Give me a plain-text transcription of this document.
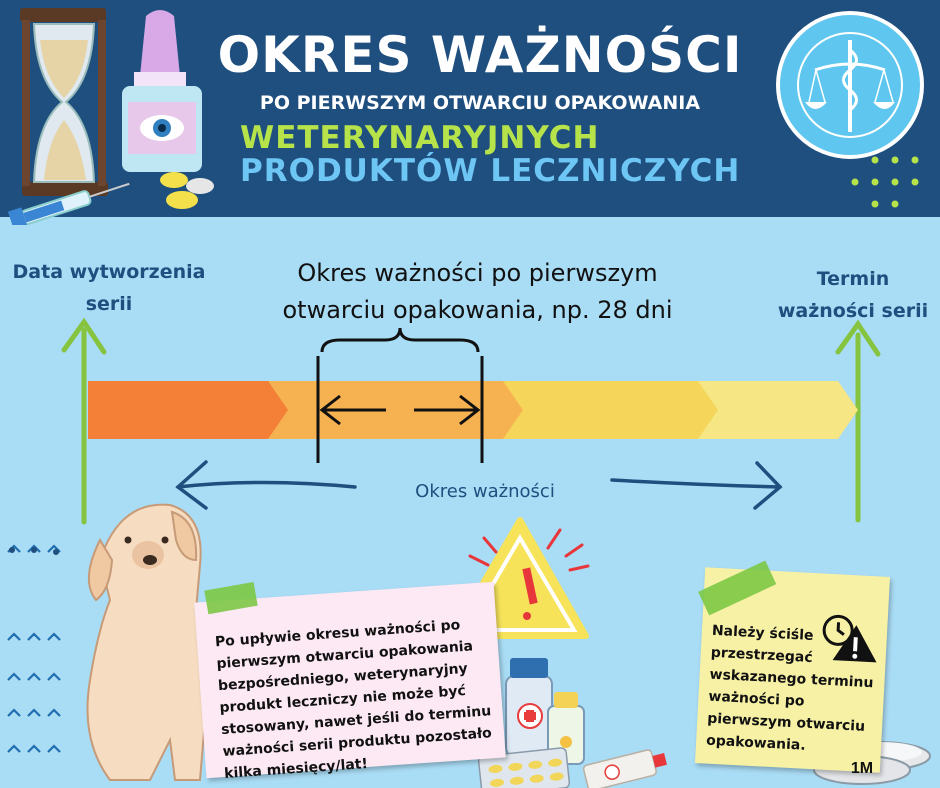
OKRES WAŻNOŚCI
PO PIERWSZYM OTWARCIU OPAKOWANIA
WETERYNARYJNYCH
PRODUKTÓW LECZNICZYCH
Data wytworzenia serii
Termin ważności serii
Okres ważności po pierwszym otwarciu opakowania, np. 28 dni
Okres ważności
Po upływie okresu ważności po pierwszym otwarciu opakowania bezpośredniego, weterynaryjny produkt leczniczy nie może być stosowany, nawet jeśli do terminu ważności serii produktu pozostało kilka miesięcy/lat!
Należy ściśle przestrzegać wskazanego terminu ważności po pierwszym otwarciu opakowania.
1M
